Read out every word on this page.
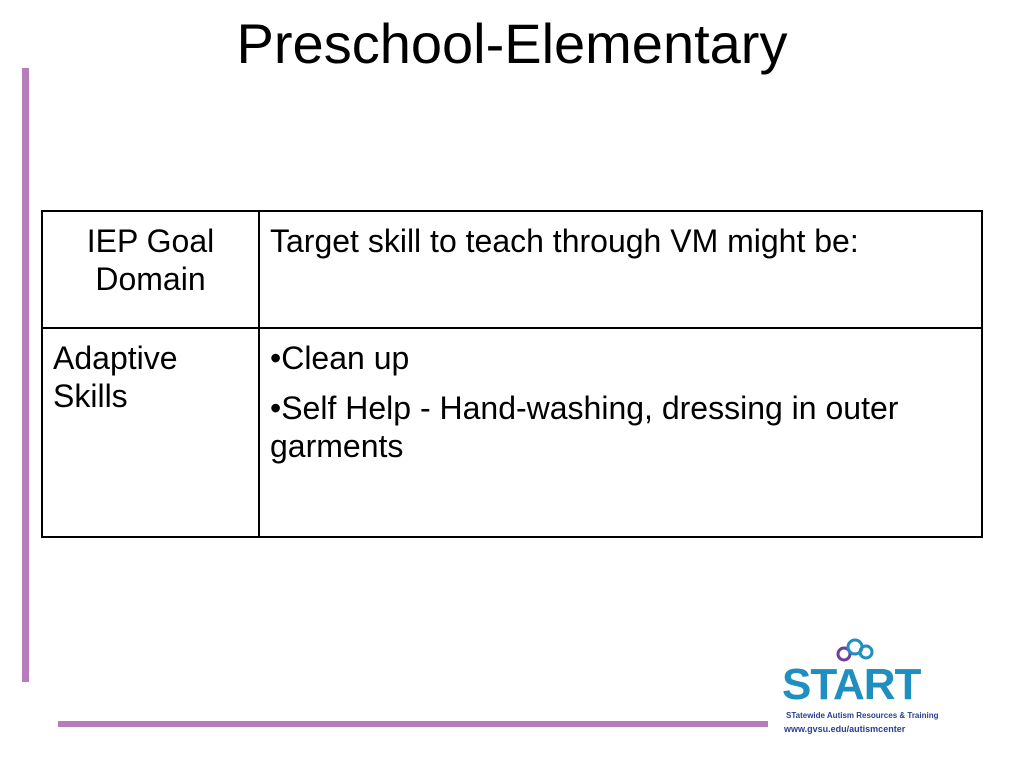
Preschool-Elementary
IEP Goal
Domain	Target skill to teach through VM might be:
Adaptive Skills	•Clean up
•Self Help - Hand-washing, dressing in outer garments
START
STatewide Autism Resources & Training
www.gvsu.edu/autismcenter
